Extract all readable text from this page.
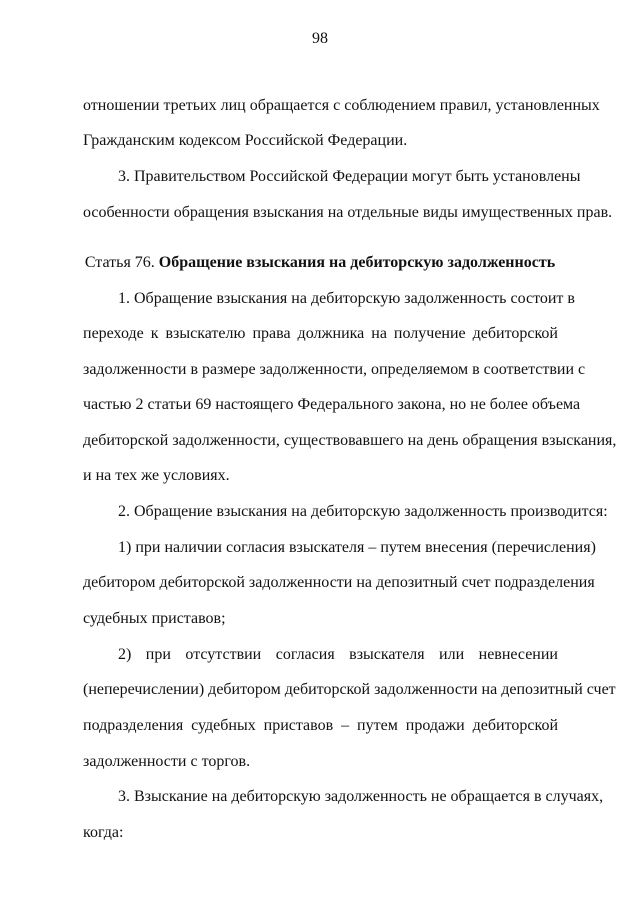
98
отношении третьих лиц обращается с соблюдением правил, установленных
Гражданским кодексом Российской Федерации.
3. Правительством Российской Федерации могут быть установлены
особенности обращения взыскания на отдельные виды имущественных прав.
Статья 76. Обращение взыскания на дебиторскую задолженность
1. Обращение взыскания на дебиторскую задолженность состоит в
переходе к взыскателю права должника на получение дебиторской
задолженности в размере задолженности, определяемом в соответствии с
частью 2 статьи 69 настоящего Федерального закона, но не более объема
дебиторской задолженности, существовавшего на день обращения взыскания,
и на тех же условиях.
2. Обращение взыскания на дебиторскую задолженность производится:
1) при наличии согласия взыскателя – путем внесения (перечисления)
дебитором дебиторской задолженности на депозитный счет подразделения
судебных приставов;
2) при отсутствии согласия взыскателя или невнесении
(неперечислении) дебитором дебиторской задолженности на депозитный счет
подразделения судебных приставов – путем продажи дебиторской
задолженности с торгов.
3. Взыскание на дебиторскую задолженность не обращается в случаях,
когда:
